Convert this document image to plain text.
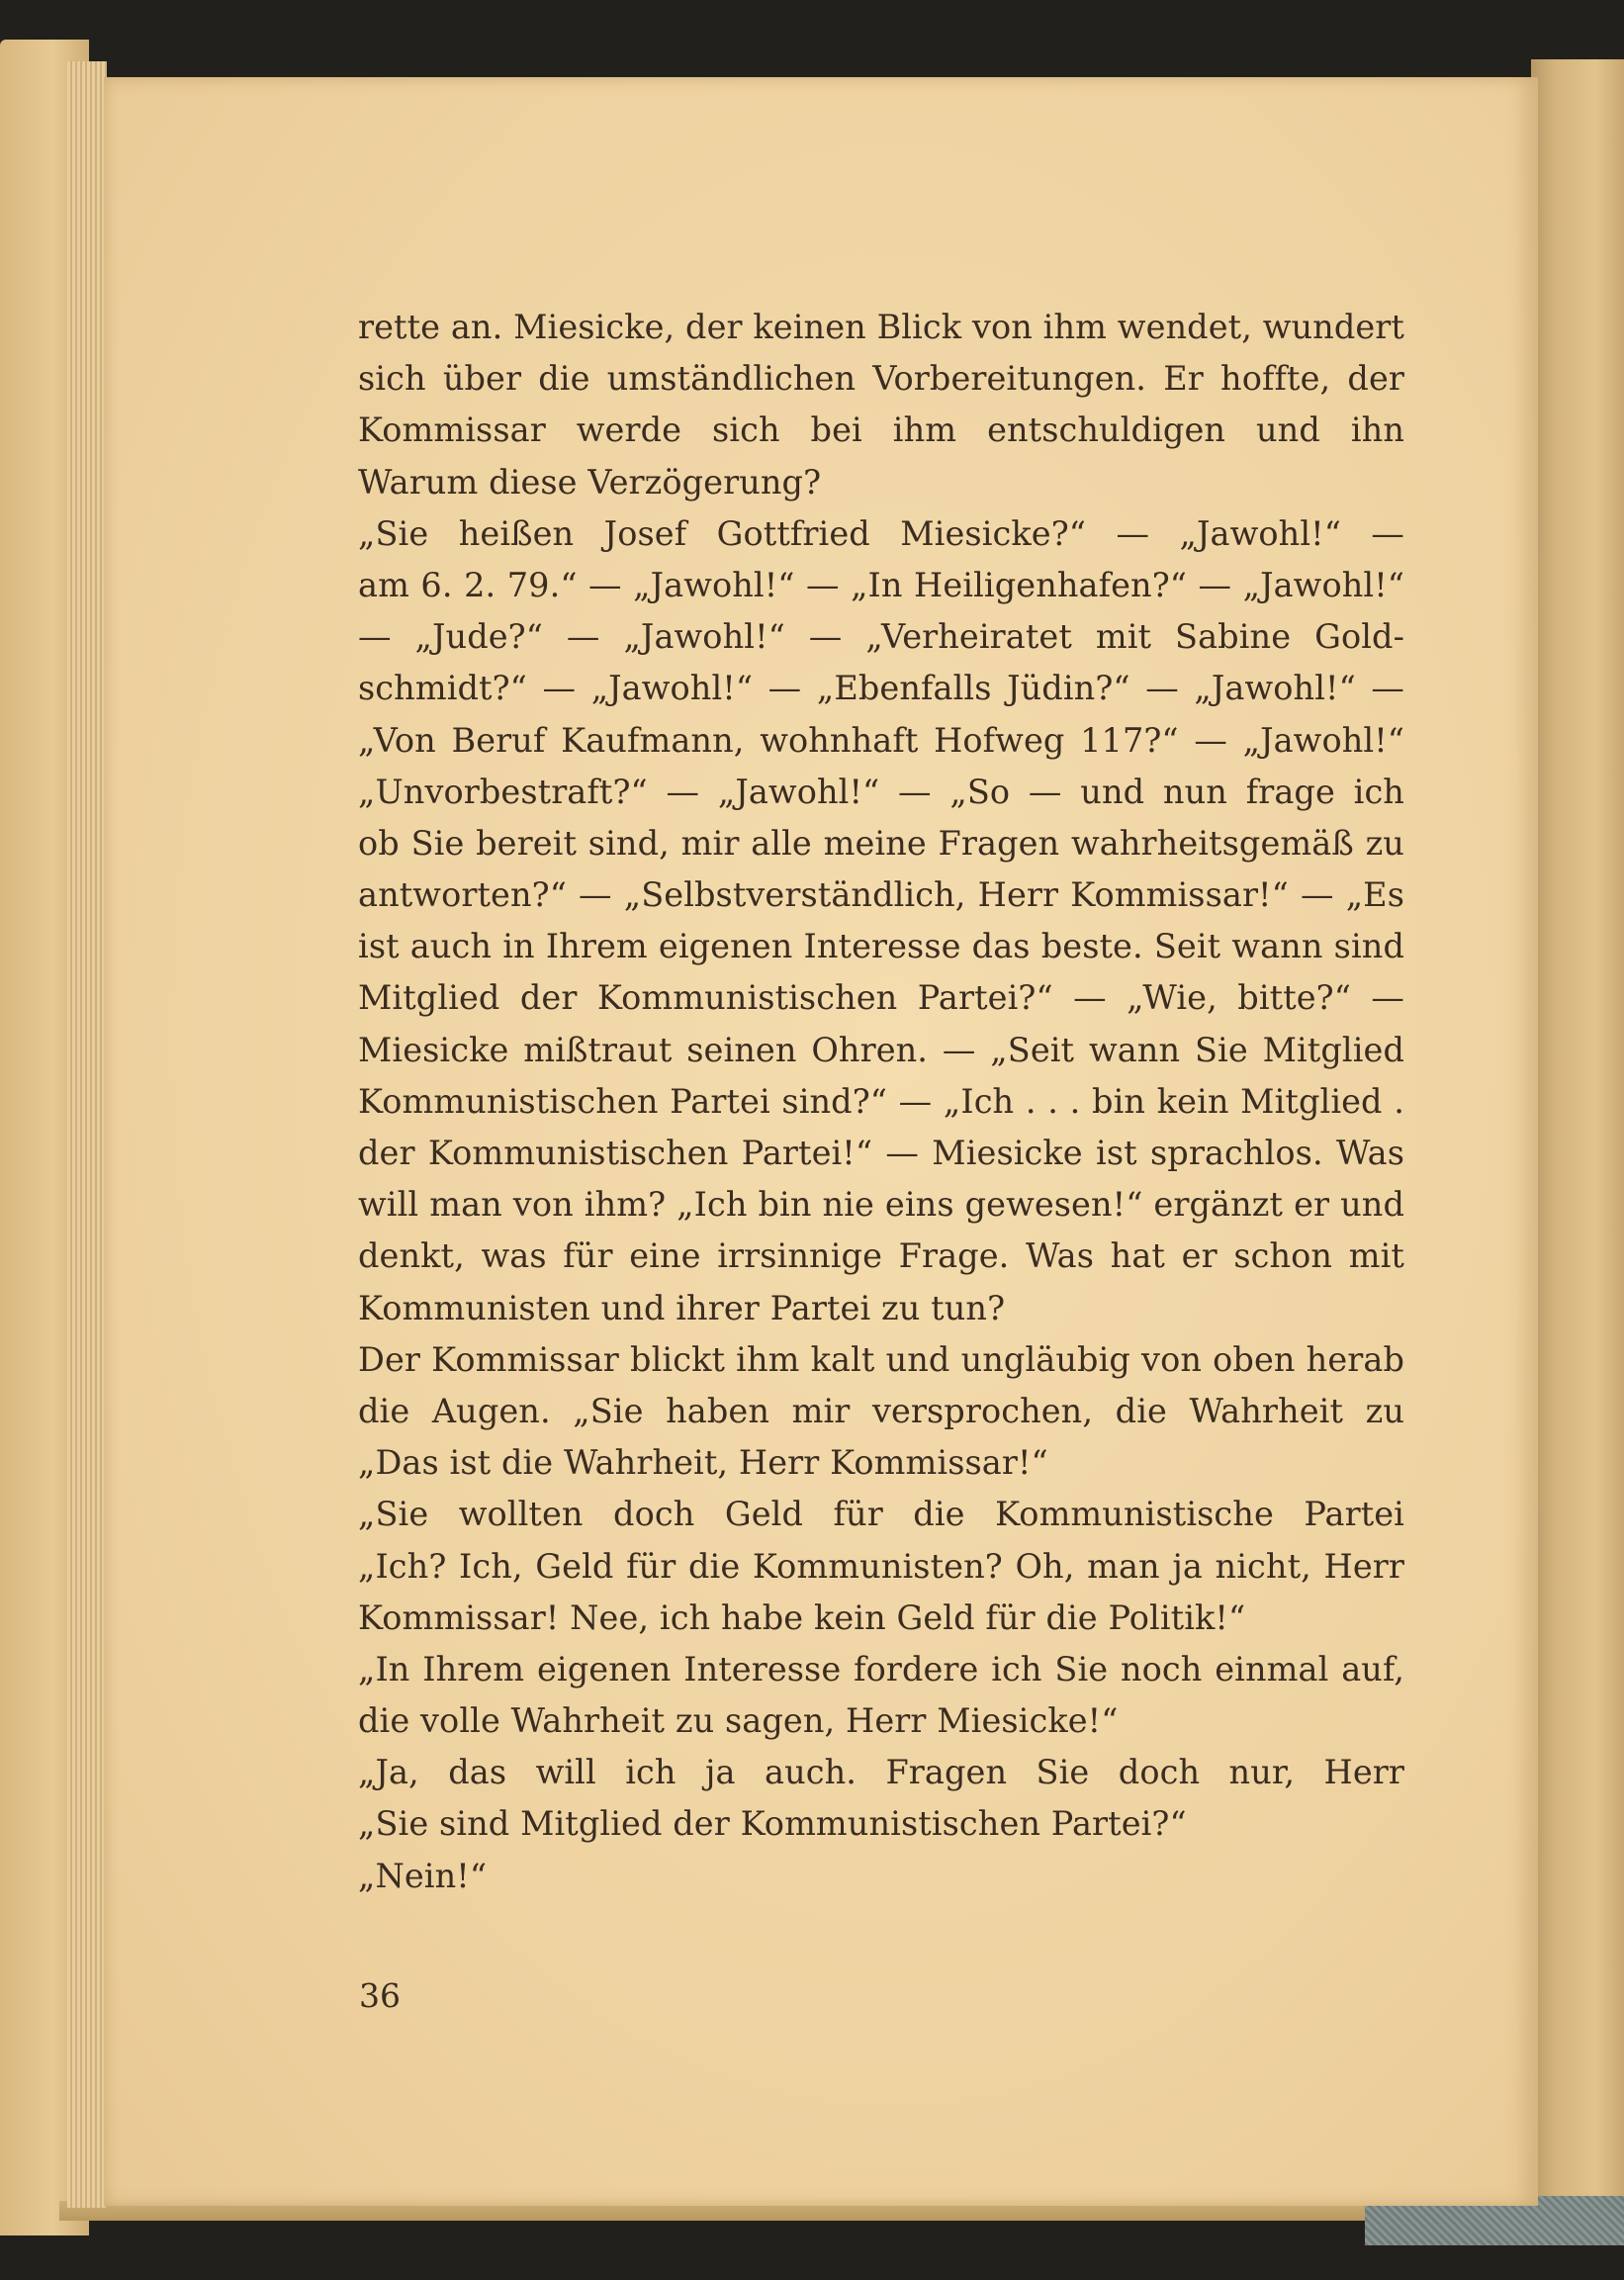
rette an. Miesicke, der keinen Blick von ihm wendet, wundert
sich über die umständlichen Vorbereitungen. Er hoffte, der
Kommissar werde sich bei ihm entschuldigen und ihn
Warum diese Verzögerung?
„Sie heißen Josef Gottfried Miesicke?“ — „Jawohl!“ —
am 6. 2. 79.“ — „Jawohl!“ — „In Heiligenhafen?“ — „Jawohl!“
— „Jude?“ — „Jawohl!“ — „Verheiratet mit Sabine Gold-
schmidt?“ — „Jawohl!“ — „Ebenfalls Jüdin?“ — „Jawohl!“ —
„Von Beruf Kaufmann, wohnhaft Hofweg 117?“ — „Jawohl!“
„Unvorbestraft?“ — „Jawohl!“ — „So — und nun frage ich
ob Sie bereit sind, mir alle meine Fragen wahrheitsgemäß zu
antworten?“ — „Selbstverständlich, Herr Kommissar!“ — „Es
ist auch in Ihrem eigenen Interesse das beste. Seit wann sind
Mitglied der Kommunistischen Partei?“ — „Wie, bitte?“ —
Miesicke mißtraut seinen Ohren. — „Seit wann Sie Mitglied
Kommunistischen Partei sind?“ — „Ich . . . bin kein Mitglied .
der Kommunistischen Partei!“ — Miesicke ist sprachlos. Was
will man von ihm? „Ich bin nie eins gewesen!“ ergänzt er und
denkt, was für eine irrsinnige Frage. Was hat er schon mit
Kommunisten und ihrer Partei zu tun?
Der Kommissar blickt ihm kalt und ungläubig von oben herab
die Augen. „Sie haben mir versprochen, die Wahrheit zu
„Das ist die Wahrheit, Herr Kommissar!“
„Sie wollten doch Geld für die Kommunistische Partei
„Ich? Ich, Geld für die Kommunisten? Oh, man ja nicht, Herr
Kommissar! Nee, ich habe kein Geld für die Politik!“
„In Ihrem eigenen Interesse fordere ich Sie noch einmal auf,
die volle Wahrheit zu sagen, Herr Miesicke!“
„Ja, das will ich ja auch. Fragen Sie doch nur, Herr
„Sie sind Mitglied der Kommunistischen Partei?“
„Nein!“
36
